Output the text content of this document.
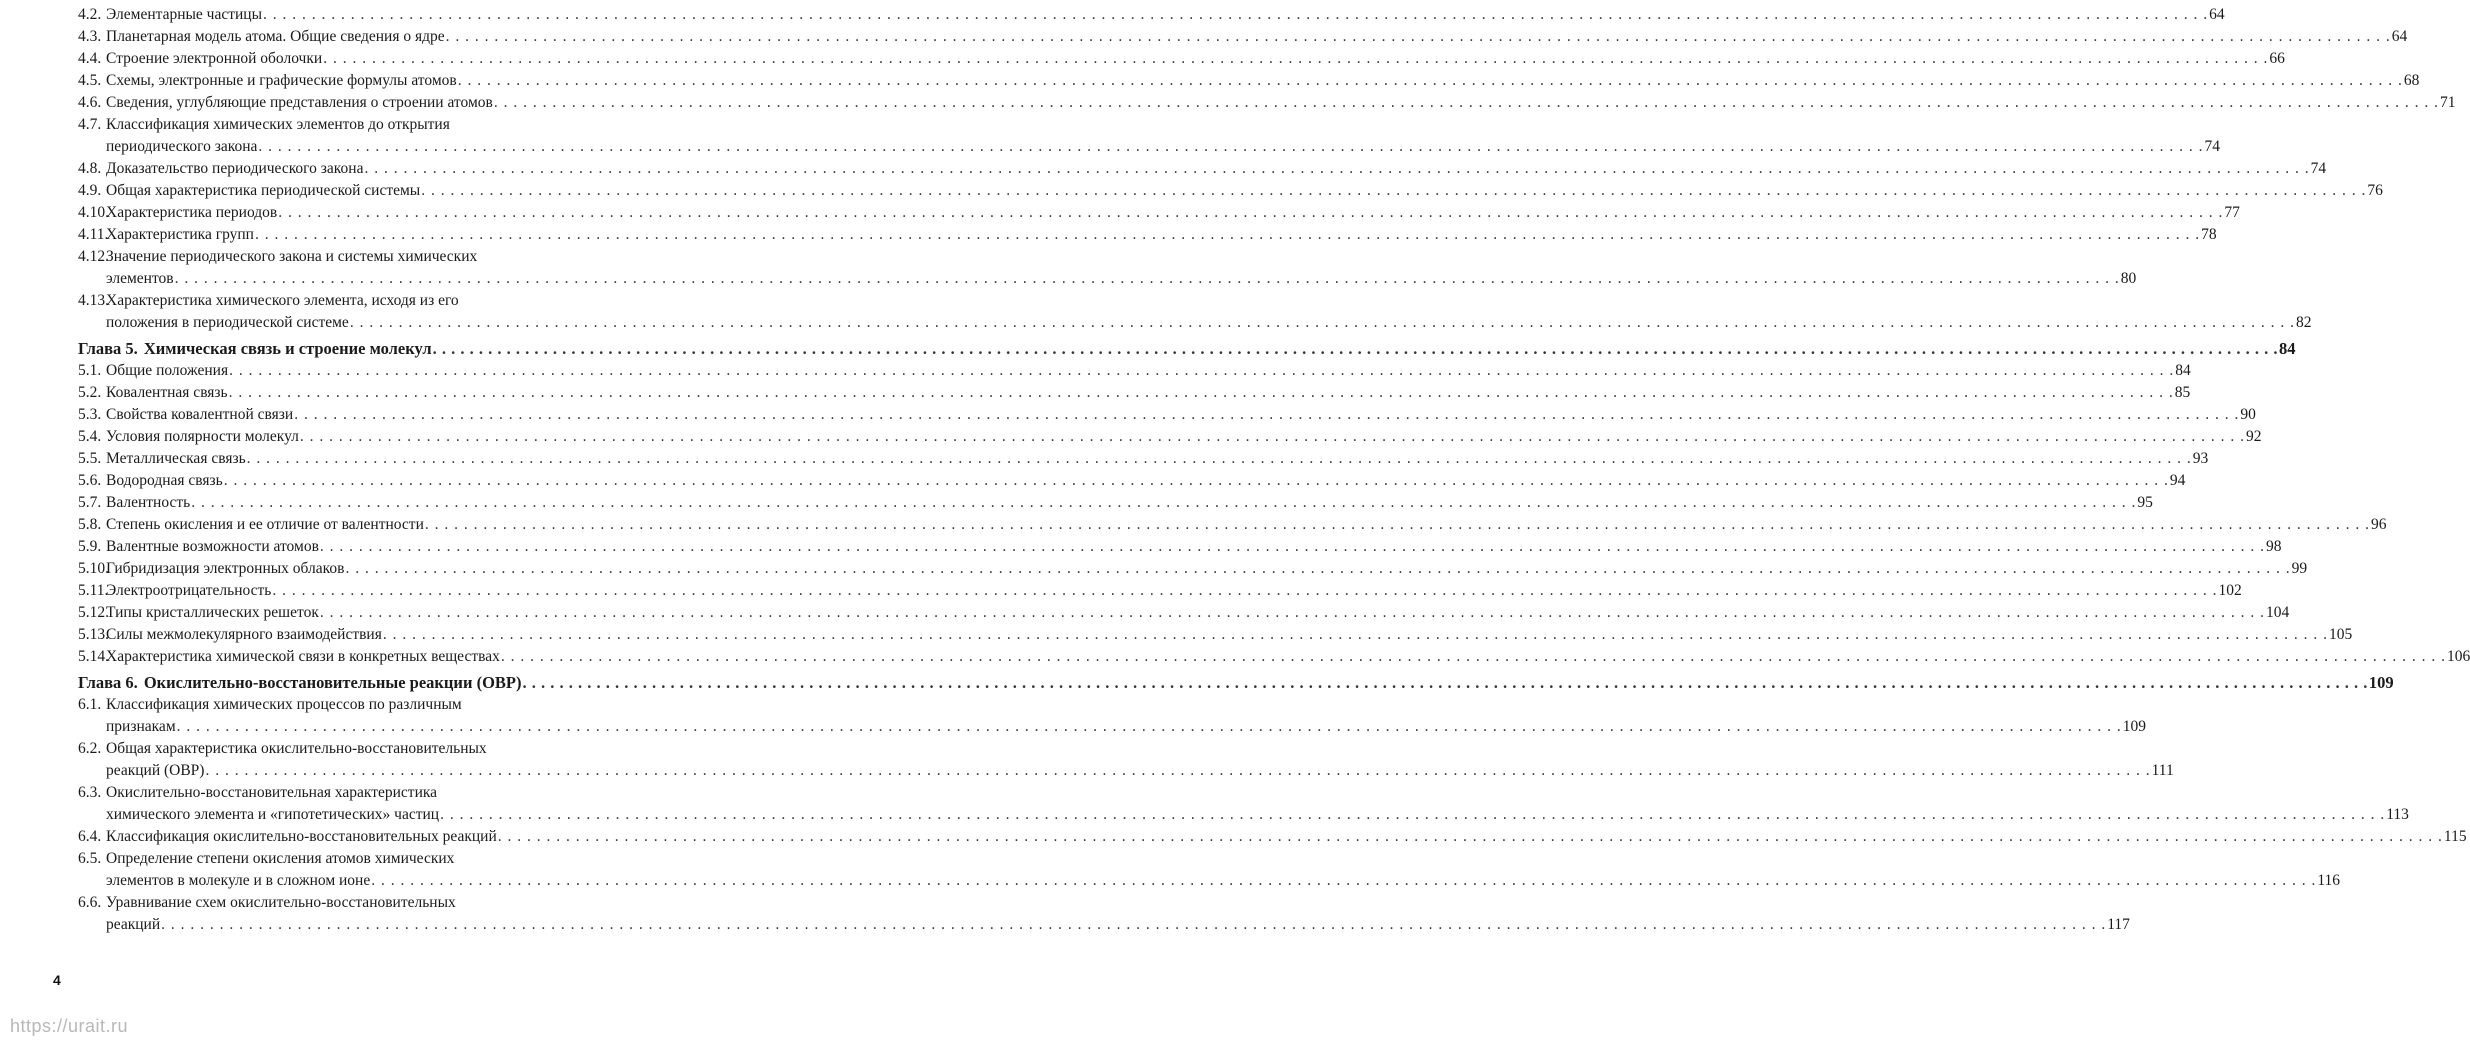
4.2. Элементарные частицы . . . . . . . . . . . . . . . . . . . . . . . . . . . . . . . . . . . . . . . . . . . . . . . . . . . . . . . . . . . . . . . . . . . . . . . . . . . . . . . . . . . . . . . . . . . . . . . . . . . . . . . . . . . . . . . . . . . . . . . . . . . . . . . . . . . . . . . . . . . . . . . . . . . . . . . . . . . . . . . . . . . . . . . . . . . . . . . . . . . . . . . . . . . . . . . . . . . . . . . . 64
4.3. Планетарная модель атома. Общие сведения о ядре . . . . . . . . . . . . . . . . . . . . . . . . . . . . . . . . . . . . . . . . . . . . . . . . . . . . . . . . . . . . . . . . . . . . . . . . . . . . . . . . . . . . . . . . . . . . . . . . . . . . . . . . . . . . . . . . . . . . . . . . . . . . . . . . . . . . . . . . . . . . . . . . . . . . . . . . . . . . . . . . . . . . . . . . . . . . . . . . . . . . . . . . . . . . . . . . . . . . . . . . 64
4.4. Строение электронной оболочки . . . . . . . . . . . . . . . . . . . . . . . . . . . . . . . . . . . . . . . . . . . . . . . . . . . . . . . . . . . . . . . . . . . . . . . . . . . . . . . . . . . . . . . . . . . . . . . . . . . . . . . . . . . . . . . . . . . . . . . . . . . . . . . . . . . . . . . . . . . . . . . . . . . . . . . . . . . . . . . . . . . . . . . . . . . . . . . . . . . . . . . . . . . . . . . . . . . . . . . . 66
4.5. Схемы, электронные и графические формулы атомов . . . . . . . . . . . . . . . . . . . . . . . . . . . . . . . . . . . . . . . . . . . . . . . . . . . . . . . . . . . . . . . . . . . . . . . . . . . . . . . . . . . . . . . . . . . . . . . . . . . . . . . . . . . . . . . . . . . . . . . . . . . . . . . . . . . . . . . . . . . . . . . . . . . . . . . . . . . . . . . . . . . . . . . . . . . . . . . . . . . . . . . . . . . . . . . . . . . . . . . . 68
4.6. Сведения, углубляющие представления о строении атомов . . . . . . . . . . . . . . . . . . . . . . . . . . . . . . . . . . . . . . . . . . . . . . . . . . . . . . . . . . . . . . . . . . . . . . . . . . . . . . . . . . . . . . . . . . . . . . . . . . . . . . . . . . . . . . . . . . . . . . . . . . . . . . . . . . . . . . . . . . . . . . . . . . . . . . . . . . . . . . . . . . . . . . . . . . . . . . . . . . . . . . . . . . . . . . . . . . . . . . . . 71
4.7. Классификация химических элементов до открытия
периодического закона . . . . . . . . . . . . . . . . . . . . . . . . . . . . . . . . . . . . . . . . . . . . . . . . . . . . . . . . . . . . . . . . . . . . . . . . . . . . . . . . . . . . . . . . . . . . . . . . . . . . . . . . . . . . . . . . . . . . . . . . . . . . . . . . . . . . . . . . . . . . . . . . . . . . . . . . . . . . . . . . . . . . . . . . . . . . . . . . . . . . . . . . . . . . . . . . . . . . . . . . 74
4.8. Доказательство периодического закона . . . . . . . . . . . . . . . . . . . . . . . . . . . . . . . . . . . . . . . . . . . . . . . . . . . . . . . . . . . . . . . . . . . . . . . . . . . . . . . . . . . . . . . . . . . . . . . . . . . . . . . . . . . . . . . . . . . . . . . . . . . . . . . . . . . . . . . . . . . . . . . . . . . . . . . . . . . . . . . . . . . . . . . . . . . . . . . . . . . . . . . . . . . . . . . . . . . . . . . . 74
4.9. Общая характеристика периодической системы . . . . . . . . . . . . . . . . . . . . . . . . . . . . . . . . . . . . . . . . . . . . . . . . . . . . . . . . . . . . . . . . . . . . . . . . . . . . . . . . . . . . . . . . . . . . . . . . . . . . . . . . . . . . . . . . . . . . . . . . . . . . . . . . . . . . . . . . . . . . . . . . . . . . . . . . . . . . . . . . . . . . . . . . . . . . . . . . . . . . . . . . . . . . . . . . . . . . . . . . 76
4.10.
Характеристика периодов . . . . . . . . . . . . . . . . . . . . . . . . . . . . . . . . . . . . . . . . . . . . . . . . . . . . . . . . . . . . . . . . . . . . . . . . . . . . . . . . . . . . . . . . . . . . . . . . . . . . . . . . . . . . . . . . . . . . . . . . . . . . . . . . . . . . . . . . . . . . . . . . . . . . . . . . . . . . . . . . . . . . . . . . . . . . . . . . . . . . . . . . . . . . . . . . . . . . . . . . 77
4.11.
Характеристика групп . . . . . . . . . . . . . . . . . . . . . . . . . . . . . . . . . . . . . . . . . . . . . . . . . . . . . . . . . . . . . . . . . . . . . . . . . . . . . . . . . . . . . . . . . . . . . . . . . . . . . . . . . . . . . . . . . . . . . . . . . . . . . . . . . . . . . . . . . . . . . . . . . . . . . . . . . . . . . . . . . . . . . . . . . . . . . . . . . . . . . . . . . . . . . . . . . . . . . . . . 78
4.12.
Значение периодического закона и системы химических
элементов . . . . . . . . . . . . . . . . . . . . . . . . . . . . . . . . . . . . . . . . . . . . . . . . . . . . . . . . . . . . . . . . . . . . . . . . . . . . . . . . . . . . . . . . . . . . . . . . . . . . . . . . . . . . . . . . . . . . . . . . . . . . . . . . . . . . . . . . . . . . . . . . . . . . . . . . . . . . . . . . . . . . . . . . . . . . . . . . . . . . . . . . . . . . . . . . . . . . . . . . 80
4.13.
Характеристика химического элемента, исходя из его
положения в периодической системе . . . . . . . . . . . . . . . . . . . . . . . . . . . . . . . . . . . . . . . . . . . . . . . . . . . . . . . . . . . . . . . . . . . . . . . . . . . . . . . . . . . . . . . . . . . . . . . . . . . . . . . . . . . . . . . . . . . . . . . . . . . . . . . . . . . . . . . . . . . . . . . . . . . . . . . . . . . . . . . . . . . . . . . . . . . . . . . . . . . . . . . . . . . . . . . . . . . . . . . . 82
Глава 5. Химическая связь и строение молекул . . . . . . . . . . . . . . . . . . . . . . . . . . . . . . . . . . . . . . . . . . . . . . . . . . . . . . . . . . . . . . . . . . . . . . . . . . . . . . . . . . . . . . . . . . . . . . . . . . . . . . . . . . . . . . . . . . . . . . . . . . . . . . . . . . . . . . . . . . . . . . . . . . . . . . . . . . . . . . . . . . . . . . . . . . . . . . . . . . . . . . . . . . . . . . . . . . . . . . . . 84
5.1. Общие положения . . . . . . . . . . . . . . . . . . . . . . . . . . . . . . . . . . . . . . . . . . . . . . . . . . . . . . . . . . . . . . . . . . . . . . . . . . . . . . . . . . . . . . . . . . . . . . . . . . . . . . . . . . . . . . . . . . . . . . . . . . . . . . . . . . . . . . . . . . . . . . . . . . . . . . . . . . . . . . . . . . . . . . . . . . . . . . . . . . . . . . . . . . . . . . . . . . . . . . . . 84
5.2. Ковалентная связь . . . . . . . . . . . . . . . . . . . . . . . . . . . . . . . . . . . . . . . . . . . . . . . . . . . . . . . . . . . . . . . . . . . . . . . . . . . . . . . . . . . . . . . . . . . . . . . . . . . . . . . . . . . . . . . . . . . . . . . . . . . . . . . . . . . . . . . . . . . . . . . . . . . . . . . . . . . . . . . . . . . . . . . . . . . . . . . . . . . . . . . . . . . . . . . . . . . . . . . . 85
5.3. Свойства ковалентной связи . . . . . . . . . . . . . . . . . . . . . . . . . . . . . . . . . . . . . . . . . . . . . . . . . . . . . . . . . . . . . . . . . . . . . . . . . . . . . . . . . . . . . . . . . . . . . . . . . . . . . . . . . . . . . . . . . . . . . . . . . . . . . . . . . . . . . . . . . . . . . . . . . . . . . . . . . . . . . . . . . . . . . . . . . . . . . . . . . . . . . . . . . . . . . . . . . . . . . . . . 90
5.4. Условия полярности молекул . . . . . . . . . . . . . . . . . . . . . . . . . . . . . . . . . . . . . . . . . . . . . . . . . . . . . . . . . . . . . . . . . . . . . . . . . . . . . . . . . . . . . . . . . . . . . . . . . . . . . . . . . . . . . . . . . . . . . . . . . . . . . . . . . . . . . . . . . . . . . . . . . . . . . . . . . . . . . . . . . . . . . . . . . . . . . . . . . . . . . . . . . . . . . . . . . . . . . . . . 92
5.5. Металлическая связь . . . . . . . . . . . . . . . . . . . . . . . . . . . . . . . . . . . . . . . . . . . . . . . . . . . . . . . . . . . . . . . . . . . . . . . . . . . . . . . . . . . . . . . . . . . . . . . . . . . . . . . . . . . . . . . . . . . . . . . . . . . . . . . . . . . . . . . . . . . . . . . . . . . . . . . . . . . . . . . . . . . . . . . . . . . . . . . . . . . . . . . . . . . . . . . . . . . . . . . . 93
5.6. Водородная связь . . . . . . . . . . . . . . . . . . . . . . . . . . . . . . . . . . . . . . . . . . . . . . . . . . . . . . . . . . . . . . . . . . . . . . . . . . . . . . . . . . . . . . . . . . . . . . . . . . . . . . . . . . . . . . . . . . . . . . . . . . . . . . . . . . . . . . . . . . . . . . . . . . . . . . . . . . . . . . . . . . . . . . . . . . . . . . . . . . . . . . . . . . . . . . . . . . . . . . . . 94
5.7. Валентность . . . . . . . . . . . . . . . . . . . . . . . . . . . . . . . . . . . . . . . . . . . . . . . . . . . . . . . . . . . . . . . . . . . . . . . . . . . . . . . . . . . . . . . . . . . . . . . . . . . . . . . . . . . . . . . . . . . . . . . . . . . . . . . . . . . . . . . . . . . . . . . . . . . . . . . . . . . . . . . . . . . . . . . . . . . . . . . . . . . . . . . . . . . . . . . . . . . . . . . . 95
5.8. Степень окисления и ее отличие от валентности . . . . . . . . . . . . . . . . . . . . . . . . . . . . . . . . . . . . . . . . . . . . . . . . . . . . . . . . . . . . . . . . . . . . . . . . . . . . . . . . . . . . . . . . . . . . . . . . . . . . . . . . . . . . . . . . . . . . . . . . . . . . . . . . . . . . . . . . . . . . . . . . . . . . . . . . . . . . . . . . . . . . . . . . . . . . . . . . . . . . . . . . . . . . . . . . . . . . . . . . 96
5.9. Валентные возможности атомов . . . . . . . . . . . . . . . . . . . . . . . . . . . . . . . . . . . . . . . . . . . . . . . . . . . . . . . . . . . . . . . . . . . . . . . . . . . . . . . . . . . . . . . . . . . . . . . . . . . . . . . . . . . . . . . . . . . . . . . . . . . . . . . . . . . . . . . . . . . . . . . . . . . . . . . . . . . . . . . . . . . . . . . . . . . . . . . . . . . . . . . . . . . . . . . . . . . . . . . . 98
5.10.
Гибридизация электронных облаков . . . . . . . . . . . . . . . . . . . . . . . . . . . . . . . . . . . . . . . . . . . . . . . . . . . . . . . . . . . . . . . . . . . . . . . . . . . . . . . . . . . . . . . . . . . . . . . . . . . . . . . . . . . . . . . . . . . . . . . . . . . . . . . . . . . . . . . . . . . . . . . . . . . . . . . . . . . . . . . . . . . . . . . . . . . . . . . . . . . . . . . . . . . . . . . . . . . . . . . . 99
5.11.
Электроотрицательность . . . . . . . . . . . . . . . . . . . . . . . . . . . . . . . . . . . . . . . . . . . . . . . . . . . . . . . . . . . . . . . . . . . . . . . . . . . . . . . . . . . . . . . . . . . . . . . . . . . . . . . . . . . . . . . . . . . . . . . . . . . . . . . . . . . . . . . . . . . . . . . . . . . . . . . . . . . . . . . . . . . . . . . . . . . . . . . . . . . . . . . . . . . . . . . . . . . . . . . . 102
5.12.
Типы кристаллических решеток . . . . . . . . . . . . . . . . . . . . . . . . . . . . . . . . . . . . . . . . . . . . . . . . . . . . . . . . . . . . . . . . . . . . . . . . . . . . . . . . . . . . . . . . . . . . . . . . . . . . . . . . . . . . . . . . . . . . . . . . . . . . . . . . . . . . . . . . . . . . . . . . . . . . . . . . . . . . . . . . . . . . . . . . . . . . . . . . . . . . . . . . . . . . . . . . . . . . . . . . 104
5.13.
Силы межмолекулярного взаимодействия . . . . . . . . . . . . . . . . . . . . . . . . . . . . . . . . . . . . . . . . . . . . . . . . . . . . . . . . . . . . . . . . . . . . . . . . . . . . . . . . . . . . . . . . . . . . . . . . . . . . . . . . . . . . . . . . . . . . . . . . . . . . . . . . . . . . . . . . . . . . . . . . . . . . . . . . . . . . . . . . . . . . . . . . . . . . . . . . . . . . . . . . . . . . . . . . . . . . . . . . 105
5.14.
Характеристика химической связи в конкретных веществах . . . . . . . . . . . . . . . . . . . . . . . . . . . . . . . . . . . . . . . . . . . . . . . . . . . . . . . . . . . . . . . . . . . . . . . . . . . . . . . . . . . . . . . . . . . . . . . . . . . . . . . . . . . . . . . . . . . . . . . . . . . . . . . . . . . . . . . . . . . . . . . . . . . . . . . . . . . . . . . . . . . . . . . . . . . . . . . . . . . . . . . . . . . . . . . . . . . . . . . . 106
Глава 6. Окислительно-восстановительные реакции (ОВР) . . . . . . . . . . . . . . . . . . . . . . . . . . . . . . . . . . . . . . . . . . . . . . . . . . . . . . . . . . . . . . . . . . . . . . . . . . . . . . . . . . . . . . . . . . . . . . . . . . . . . . . . . . . . . . . . . . . . . . . . . . . . . . . . . . . . . . . . . . . . . . . . . . . . . . . . . . . . . . . . . . . . . . . . . . . . . . . . . . . . . . . . . . . . . . . . . . . . . . . . 109
6.1. Классификация химических процессов по различным
признакам . . . . . . . . . . . . . . . . . . . . . . . . . . . . . . . . . . . . . . . . . . . . . . . . . . . . . . . . . . . . . . . . . . . . . . . . . . . . . . . . . . . . . . . . . . . . . . . . . . . . . . . . . . . . . . . . . . . . . . . . . . . . . . . . . . . . . . . . . . . . . . . . . . . . . . . . . . . . . . . . . . . . . . . . . . . . . . . . . . . . . . . . . . . . . . . . . . . . . . . . 109
6.2. Общая характеристика окислительно-восстановительных
реакций (ОВР) . . . . . . . . . . . . . . . . . . . . . . . . . . . . . . . . . . . . . . . . . . . . . . . . . . . . . . . . . . . . . . . . . . . . . . . . . . . . . . . . . . . . . . . . . . . . . . . . . . . . . . . . . . . . . . . . . . . . . . . . . . . . . . . . . . . . . . . . . . . . . . . . . . . . . . . . . . . . . . . . . . . . . . . . . . . . . . . . . . . . . . . . . . . . . . . . . . . . . . . . 111
6.3. Окислительно-восстановительная характеристика
химического элемента и «гипотетических» частиц . . . . . . . . . . . . . . . . . . . . . . . . . . . . . . . . . . . . . . . . . . . . . . . . . . . . . . . . . . . . . . . . . . . . . . . . . . . . . . . . . . . . . . . . . . . . . . . . . . . . . . . . . . . . . . . . . . . . . . . . . . . . . . . . . . . . . . . . . . . . . . . . . . . . . . . . . . . . . . . . . . . . . . . . . . . . . . . . . . . . . . . . . . . . . . . . . . . . . . . . 113
6.4. Классификация окислительно-восстановительных реакций . . . . . . . . . . . . . . . . . . . . . . . . . . . . . . . . . . . . . . . . . . . . . . . . . . . . . . . . . . . . . . . . . . . . . . . . . . . . . . . . . . . . . . . . . . . . . . . . . . . . . . . . . . . . . . . . . . . . . . . . . . . . . . . . . . . . . . . . . . . . . . . . . . . . . . . . . . . . . . . . . . . . . . . . . . . . . . . . . . . . . . . . . . . . . . . . . . . . . . . . 115
6.5. Определение степени окисления атомов химических
элементов в молекуле и в сложном ионе . . . . . . . . . . . . . . . . . . . . . . . . . . . . . . . . . . . . . . . . . . . . . . . . . . . . . . . . . . . . . . . . . . . . . . . . . . . . . . . . . . . . . . . . . . . . . . . . . . . . . . . . . . . . . . . . . . . . . . . . . . . . . . . . . . . . . . . . . . . . . . . . . . . . . . . . . . . . . . . . . . . . . . . . . . . . . . . . . . . . . . . . . . . . . . . . . . . . . . . . 116
6.6. Уравнивание схем окислительно-восстановительных
реакций . . . . . . . . . . . . . . . . . . . . . . . . . . . . . . . . . . . . . . . . . . . . . . . . . . . . . . . . . . . . . . . . . . . . . . . . . . . . . . . . . . . . . . . . . . . . . . . . . . . . . . . . . . . . . . . . . . . . . . . . . . . . . . . . . . . . . . . . . . . . . . . . . . . . . . . . . . . . . . . . . . . . . . . . . . . . . . . . . . . . . . . . . . . . . . . . . . . . . . . . 117
4
https://urait.ru
